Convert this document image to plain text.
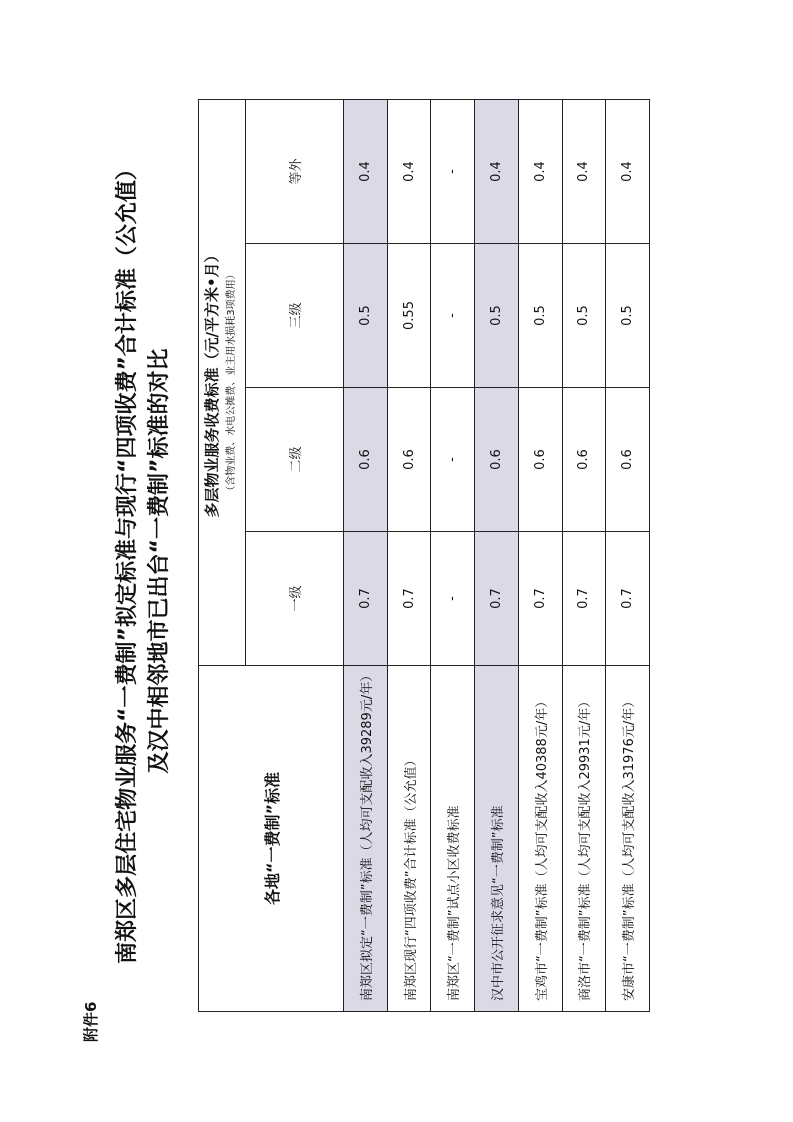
附件6
南郑区多层住宅物业服务“一费制”拟定标准与现行“四项收费”合计标准（公允值） 及汉中相邻地市已出台“一费制”标准的对比
各地“一费制”标准	多层物业服务收费标准（元/平方米•月） （含物业费、水电公摊费、业主用水损耗3项费用）			

	一级	二级	三级	等外
南郑区拟定“一费制”标准（人均可支配收入39289元/年）	0.7	0.6	0.5	0.4
南郑区现行“四项收费”合计标准（公允值）	0.7	0.6	0.55	0.4
南郑区“一费制”试点小区收费标准	-	-	-	-
汉中市公开征求意见“一费制”标准	0.7	0.6	0.5	0.4
宝鸡市“一费制”标准（人均可支配收入40388元/年）	0.7	0.6	0.5	0.4
商洛市“一费制”标准（人均可支配收入29931元/年）	0.7	0.6	0.5	0.4
安康市“一费制”标准（人均可支配收入31976元/年）	0.7	0.6	0.5	0.4
